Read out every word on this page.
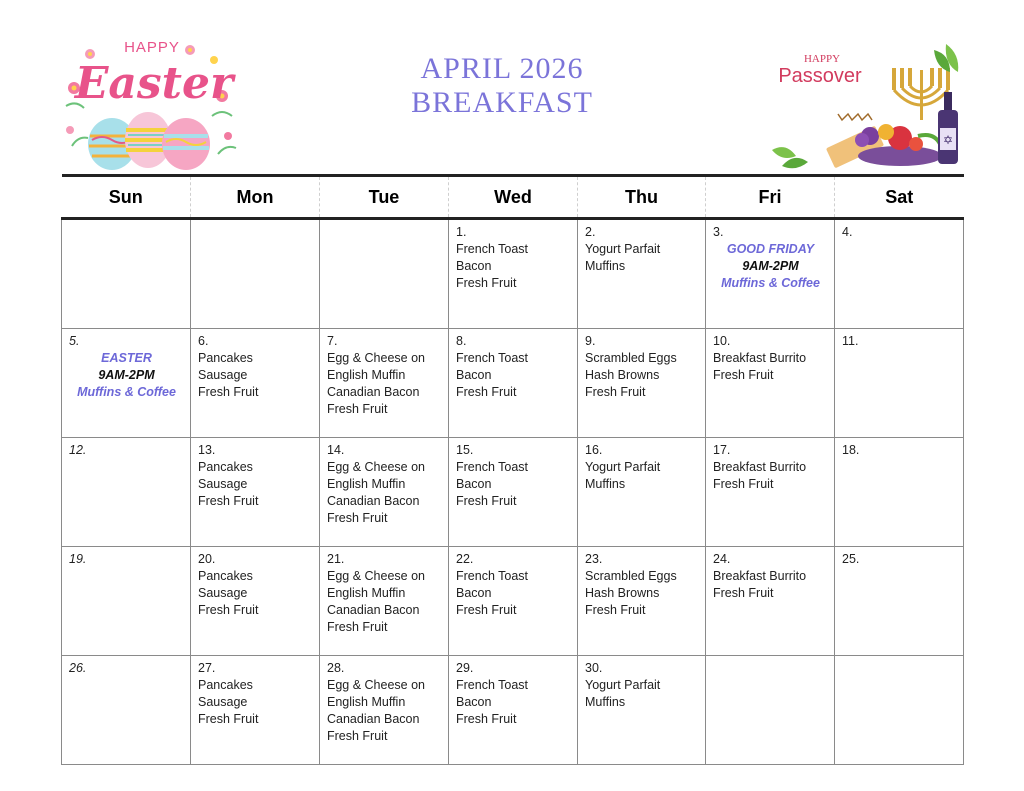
HAPPY
Easter	APRIL 2026
BREAKFAST
HAPPY
Passover
✡
Sun	Mon	Tue	Wed	Thu	Fri	Sat

			1.
French Toast
Bacon
Fresh Fruit	2.
Yogurt Parfait
Muffins	3.
GOOD FRIDAY
9AM-2PM
Muffins & Coffee	4.

5.
EASTER
9AM-2PM
Muffins & Coffee	6.
Pancakes
Sausage
Fresh Fruit	7.
Egg & Cheese on
English Muffin
Canadian Bacon
Fresh Fruit	8.
French Toast
Bacon
Fresh Fruit	9.
Scrambled Eggs
Hash Browns
Fresh Fruit	10.
Breakfast Burrito
Fresh Fruit	11.

12.	13.
Pancakes
Sausage
Fresh Fruit	14.
Egg & Cheese on
English Muffin
Canadian Bacon
Fresh Fruit	15.
French Toast
Bacon
Fresh Fruit	16.
Yogurt Parfait
Muffins	17.
Breakfast Burrito
Fresh Fruit	18.

19.	20.
Pancakes
Sausage
Fresh Fruit	21.
Egg & Cheese on
English Muffin
Canadian Bacon
Fresh Fruit	22.
French Toast
Bacon
Fresh Fruit	23.
Scrambled Eggs
Hash Browns
Fresh Fruit	24.
Breakfast Burrito
Fresh Fruit	25.

26.	27.
Pancakes
Sausage
Fresh Fruit	28.
Egg & Cheese on
English Muffin
Canadian Bacon
Fresh Fruit	29.
French Toast
Bacon
Fresh Fruit	30.
Yogurt Parfait
Muffins		
